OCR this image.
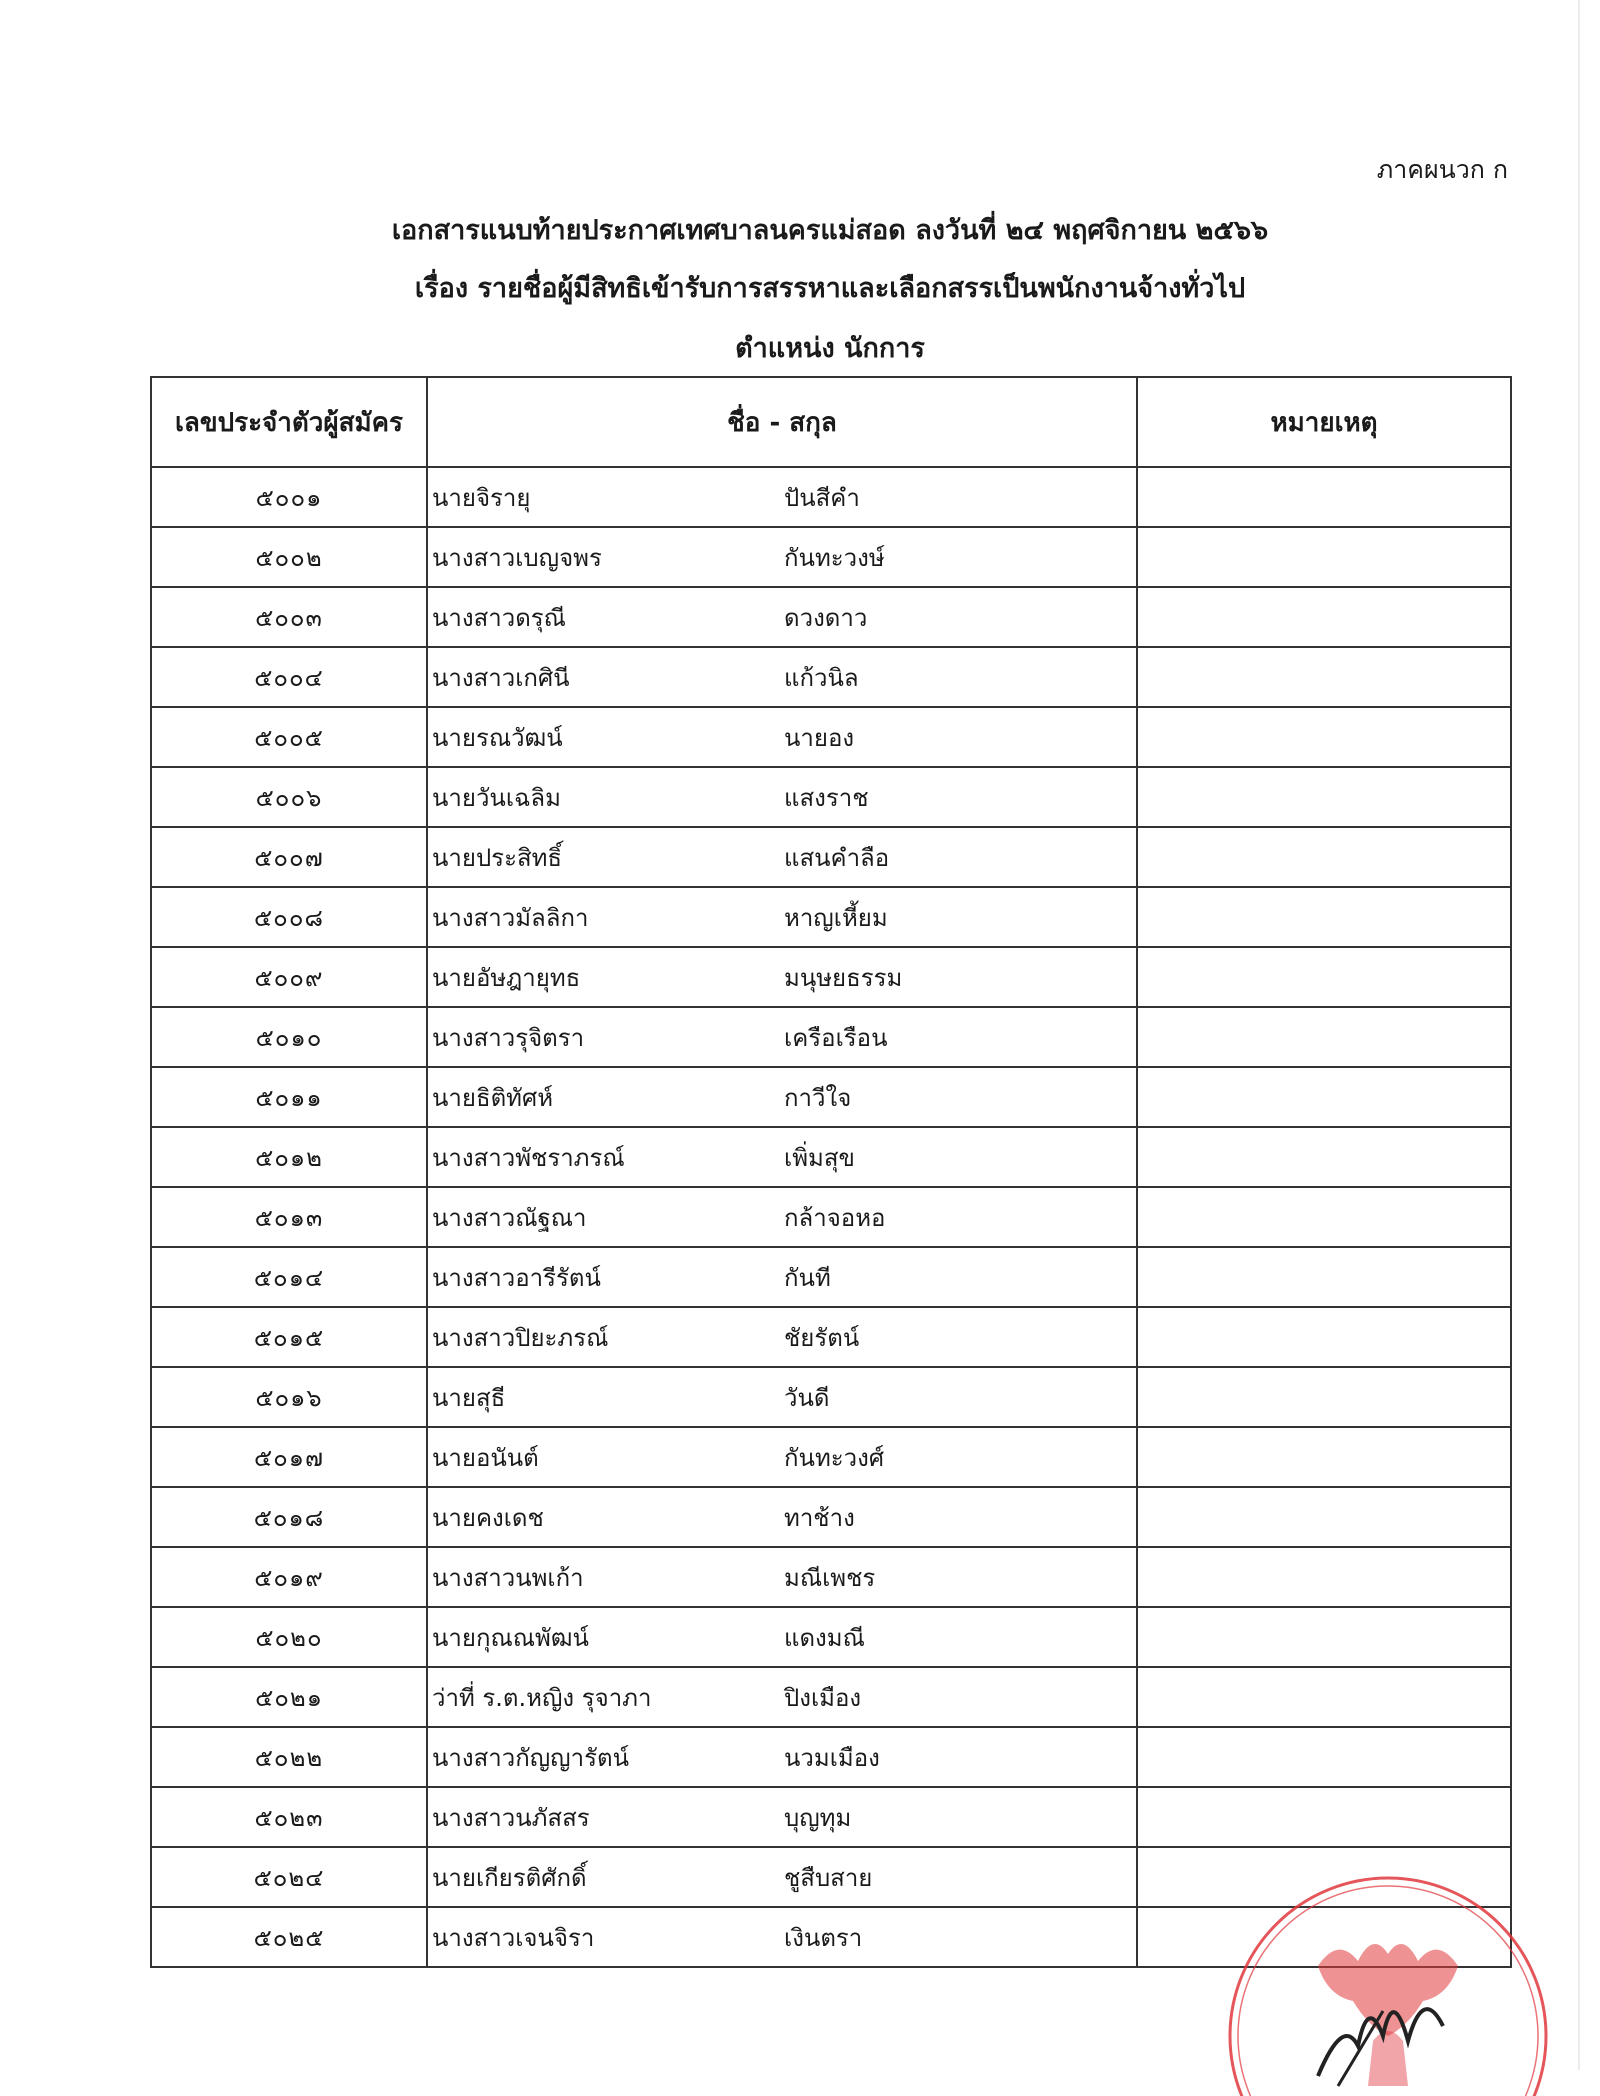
ภาคผนวก ก
เอกสารแนบท้ายประกาศเทศบาลนครแม่สอด ลงวันที่ ๒๔ พฤศจิกายน ๒๕๖๖
เรื่อง รายชื่อผู้มีสิทธิเข้ารับการสรรหาและเลือกสรรเป็นพนักงานจ้างทั่วไป
ตำแหน่ง นักการ
เลขประจำตัวผู้สมัคร	ชื่อ - สกุล	หมายเหตุ
๕๐๐๑	นายจิรายุ ปันสีคำ	

๕๐๐๒	นางสาวเบญจพร กันทะวงษ์	

๕๐๐๓	นางสาวดรุณี ดวงดาว	

๕๐๐๔	นางสาวเกศินี แก้วนิล	

๕๐๐๕	นายรณวัฒน์ นายอง	

๕๐๐๖	นายวันเฉลิม แสงราช	

๕๐๐๗	นายประสิทธิ์ แสนคำลือ	

๕๐๐๘	นางสาวมัลลิกา หาญเหี้ยม	

๕๐๐๙	นายอัษฎายุทธ มนุษยธรรม	

๕๐๑๐	นางสาวรุจิตรา เครือเรือน	

๕๐๑๑	นายธิติทัศห์ กาวีใจ	

๕๐๑๒	นางสาวพัชราภรณ์ เพิ่มสุข	

๕๐๑๓	นางสาวณัฐณา กล้าจอหอ	

๕๐๑๔	นางสาวอารีรัตน์ กันที	

๕๐๑๕	นางสาวปิยะภรณ์ ชัยรัตน์	

๕๐๑๖	นายสุธี วันดี	

๕๐๑๗	นายอนันต์ กันทะวงศ์	

๕๐๑๘	นายคงเดช ทาช้าง	

๕๐๑๙	นางสาวนพเก้า มณีเพชร	

๕๐๒๐	นายกุณณพัฒน์ แดงมณี	

๕๐๒๑	ว่าที่ ร.ต.หญิง รุจาภา ปิงเมือง	

๕๐๒๒	นางสาวกัญญารัตน์ นวมเมือง	

๕๐๒๓	นางสาวนภัสสร บุญทุม	

๕๐๒๔	นายเกียรติศักดิ์ ชูสืบสาย	

๕๐๒๕	นางสาวเจนจิรา เงินตรา	
